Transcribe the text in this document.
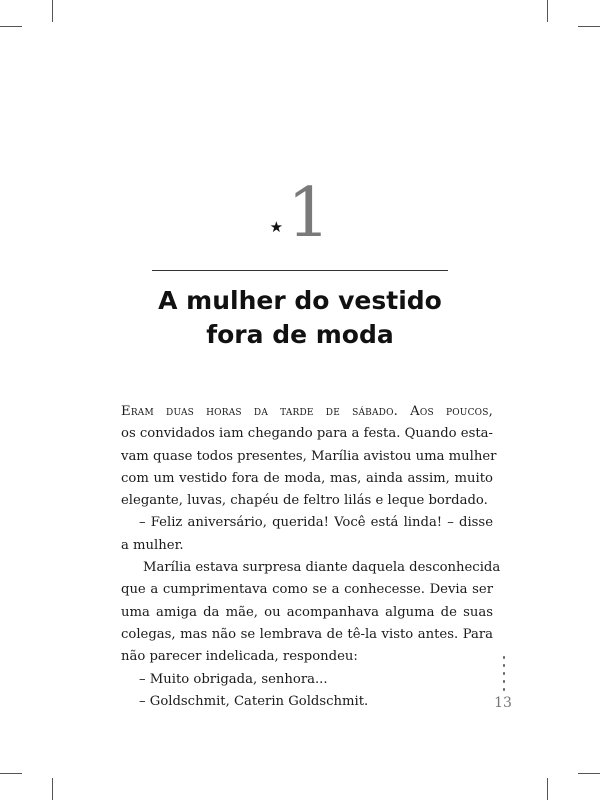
★ 1
A mulher do vestido
fora de moda
Eram duas horas da tarde de sábado. Aos poucos,
os convidados iam chegando para a festa. Quando esta-
vam quase todos presentes, Marília avistou uma mulher
com um vestido fora de moda, mas, ainda assim, muito
elegante, luvas, chapéu de feltro lilás e leque bordado.
– Feliz aniversário, querida! Você está linda! – disse
a mulher.
Marília estava surpresa diante daquela desconhecida
que a cumprimentava como se a conhecesse. Devia ser
uma amiga da mãe, ou acompanhava alguma de suas
colegas, mas não se lembrava de tê-la visto antes. Para
não parecer indelicada, respondeu:
– Muito obrigada, senhora...
– Goldschmit, Caterin Goldschmit.	13
